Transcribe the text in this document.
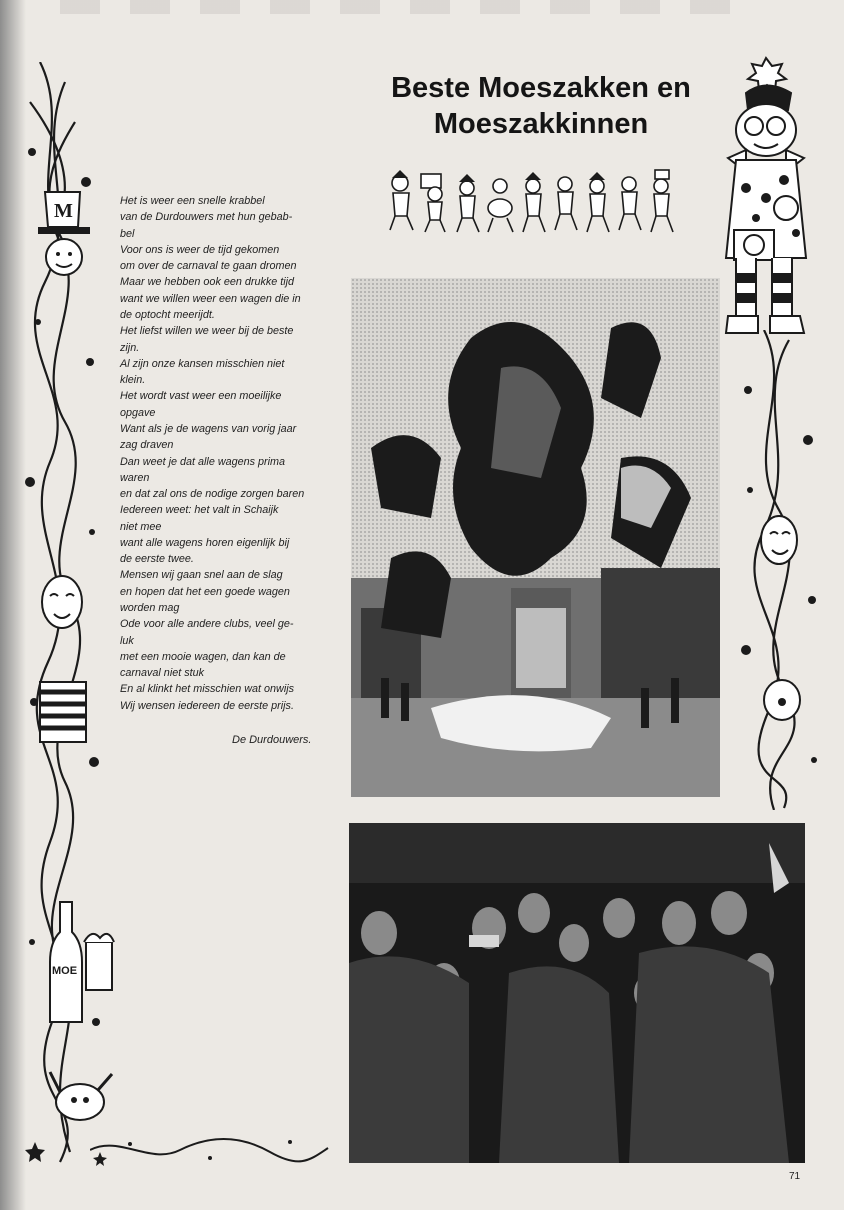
M
MOE
Beste Moeszakken en
Moeszakkinnen
Het is weer een snelle krabbel
van de Durdouwers met hun gebab-
bel
Voor ons is weer de tijd gekomen
om over de carnaval te gaan dromen
Maar we hebben ook een drukke tijd
want we willen weer een wagen die in
de optocht meerijdt.
Het liefst willen we weer bij de beste
zijn.
Al zijn onze kansen misschien niet
klein.
Het wordt vast weer een moeilijke
opgave
Want als je de wagens van vorig jaar
zag draven
Dan weet je dat alle wagens prima
waren
en dat zal ons de nodige zorgen baren
Iedereen weet: het valt in Schaijk
niet mee
want alle wagens horen eigenlijk bij
de eerste twee.
Mensen wij gaan snel aan de slag
en hopen dat het een goede wagen
worden mag
Ode voor alle andere clubs, veel ge-
luk
met een mooie wagen, dan kan de
carnaval niet stuk
En al klinkt het misschien wat onwijs
Wij wensen iedereen de eerste prijs.
De Durdouwers.
71
